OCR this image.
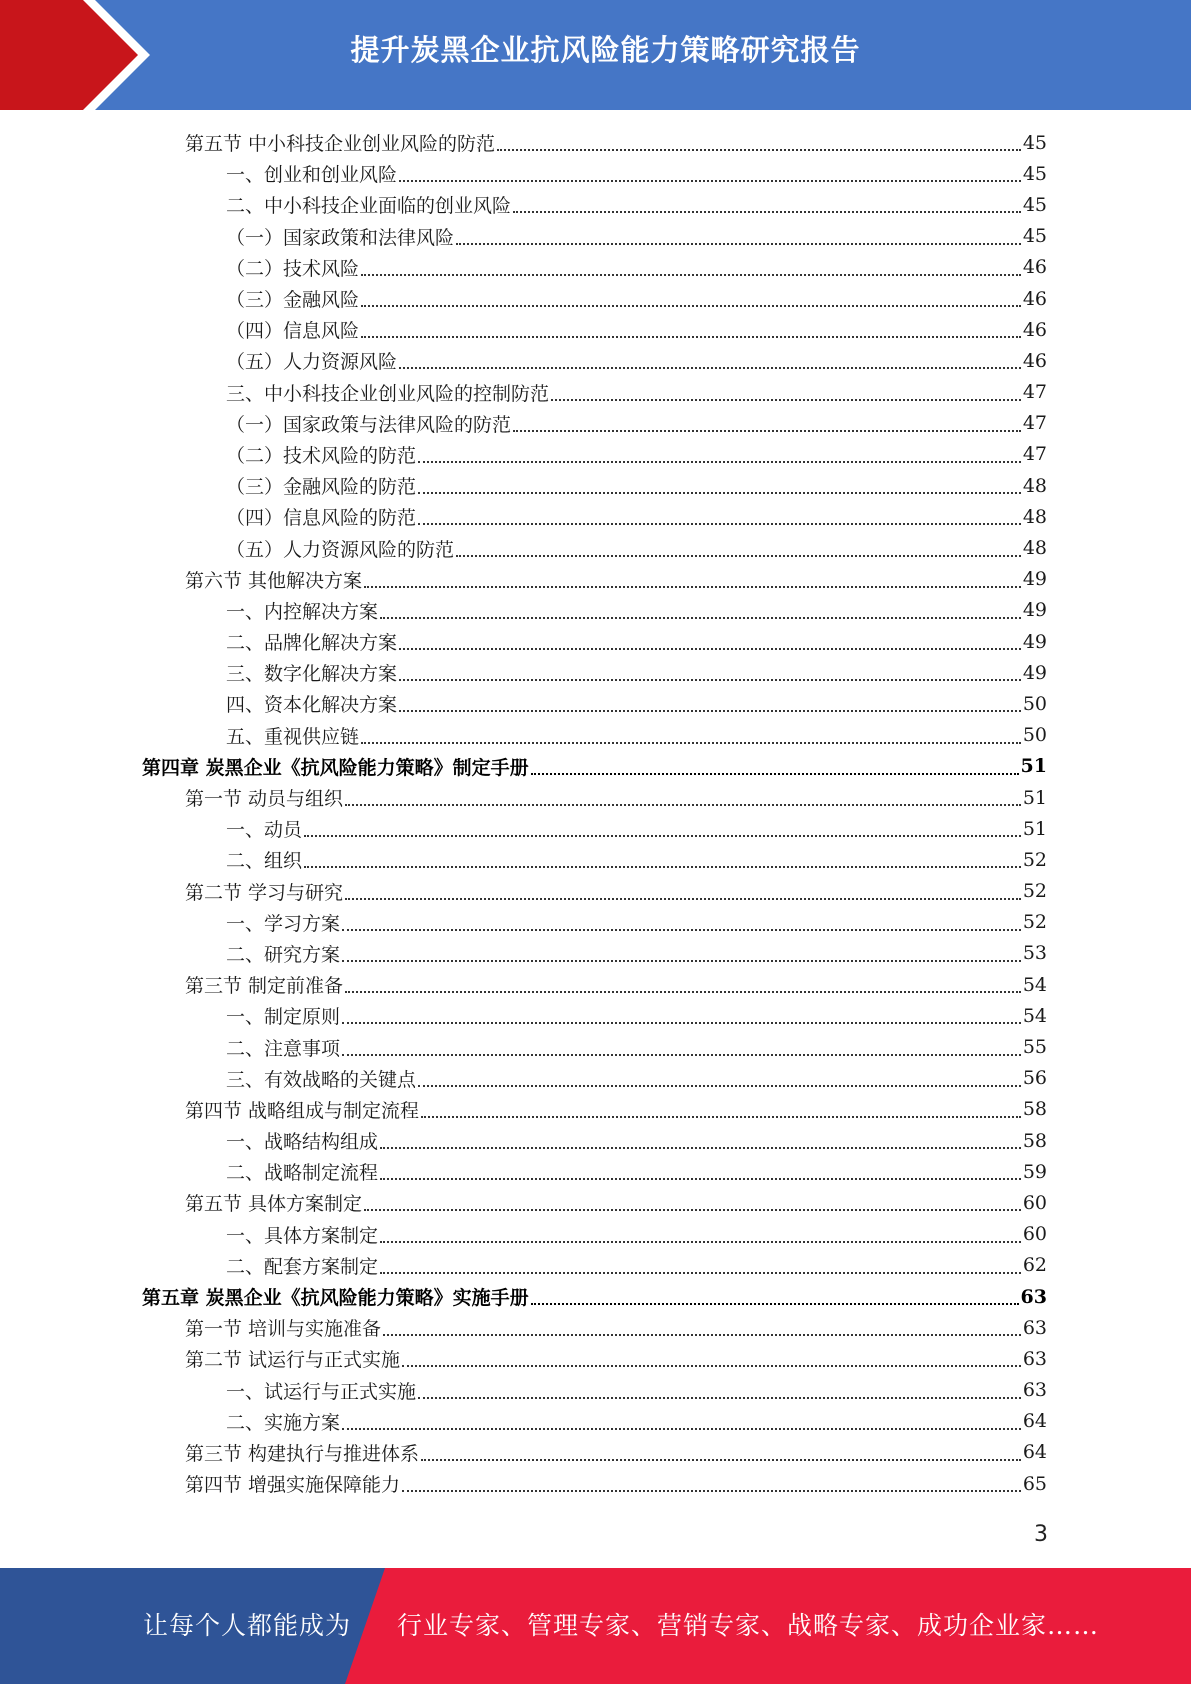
提升炭黑企业抗风险能力策略研究报告
第五节 中小科技企业创业风险的防范	45
一、创业和创业风险	45
二、中小科技企业面临的创业风险	45
（一）国家政策和法律风险	45
（二）技术风险	46
（三）金融风险	46
（四）信息风险	46
（五）人力资源风险	46
三、中小科技企业创业风险的控制防范	47
（一）国家政策与法律风险的防范	47
（二）技术风险的防范	47
（三）金融风险的防范	48
（四）信息风险的防范	48
（五）人力资源风险的防范	48
第六节 其他解决方案	49
一、内控解决方案	49
二、品牌化解决方案	49
三、数字化解决方案	49
四、资本化解决方案	50
五、重视供应链	50
第四章 炭黑企业《抗风险能力策略》制定手册	51
第一节 动员与组织	51
一、动员	51
二、组织	52
第二节 学习与研究	52
一、学习方案	52
二、研究方案	53
第三节 制定前准备	54
一、制定原则	54
二、注意事项	55
三、有效战略的关键点	56
第四节 战略组成与制定流程	58
一、战略结构组成	58
二、战略制定流程	59
第五节 具体方案制定	60
一、具体方案制定	60
二、配套方案制定	62
第五章 炭黑企业《抗风险能力策略》实施手册	63
第一节 培训与实施准备	63
第二节 试运行与正式实施	63
一、试运行与正式实施	63
二、实施方案	64
第三节 构建执行与推进体系	64
第四节 增强实施保障能力	65
3
让每个人都能成为 行业专家、管理专家、营销专家、战略专家、成功企业家……
